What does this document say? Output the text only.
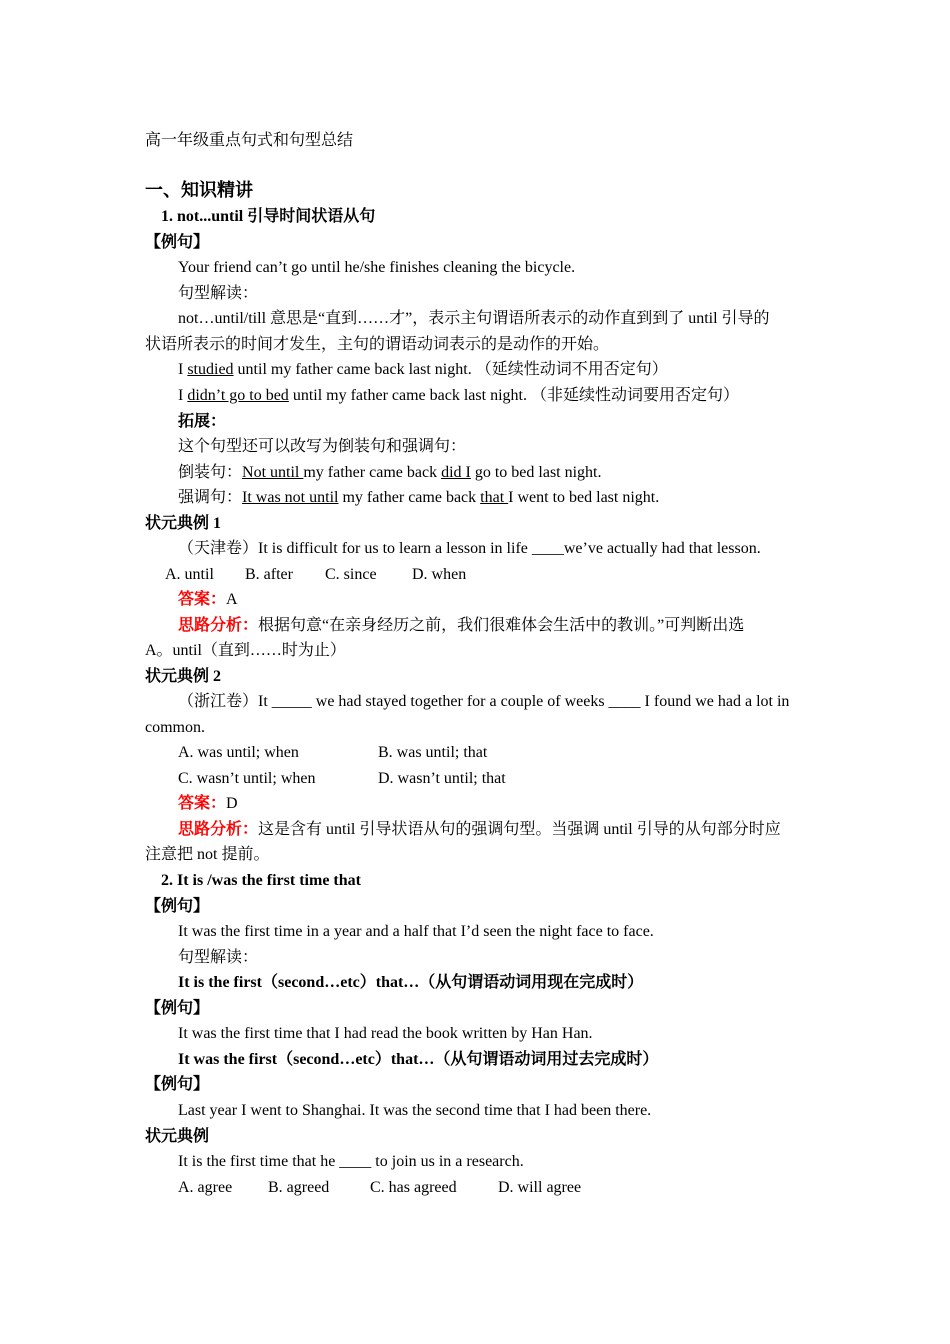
高一年级重点句式和句型总结
一、知识精讲
1. not...until 引导时间状语从句
【例句】
Your friend can’t go until he/she finishes cleaning the bicycle.
句型解读：
not…until/till 意思是“直到……才”，表示主句谓语所表示的动作直到到了 until 引导的
状语所表示的时间才发生，主句的谓语动词表示的是动作的开始。
I studied until my father came back last night. （延续性动词不用否定句）
I didn’t go to bed until my father came back last night. （非延续性动词要用否定句）
拓展：
这个句型还可以改写为倒装句和强调句：
倒装句：Not until my father came back did I go to bed last night.
强调句：It was not until my father came back that I went to bed last night.
状元典例 1
（天津卷）It is difficult for us to learn a lesson in life ____we’ve actually had that lesson.
A. until B. after C. since D. when
答案：A
思路分析：根据句意“在亲身经历之前，我们很难体会生活中的教训。”可判断出选
A。until（直到……时为止）
状元典例 2
（浙江卷）It _____ we had stayed together for a couple of weeks ____ I found we had a lot in
common.
A. was until; when	B. was until; that
C. wasn’t until; when	D. wasn’t until; that
答案：D
思路分析：这是含有 until 引导状语从句的强调句型。当强调 until 引导的从句部分时应
注意把 not 提前。
2. It is /was the first time that
【例句】
It was the first time in a year and a half that I’d seen the night face to face.
句型解读：
It is the first（second…etc）that…（从句谓语动词用现在完成时）
【例句】
It was the first time that I had read the book written by Han Han.
It was the first（second…etc）that…（从句谓语动词用过去完成时）
【例句】
Last year I went to Shanghai. It was the second time that I had been there.
状元典例
It is the first time that he ____ to join us in a research.
A. agree B. agreed	C. has agreed	D. will agree
